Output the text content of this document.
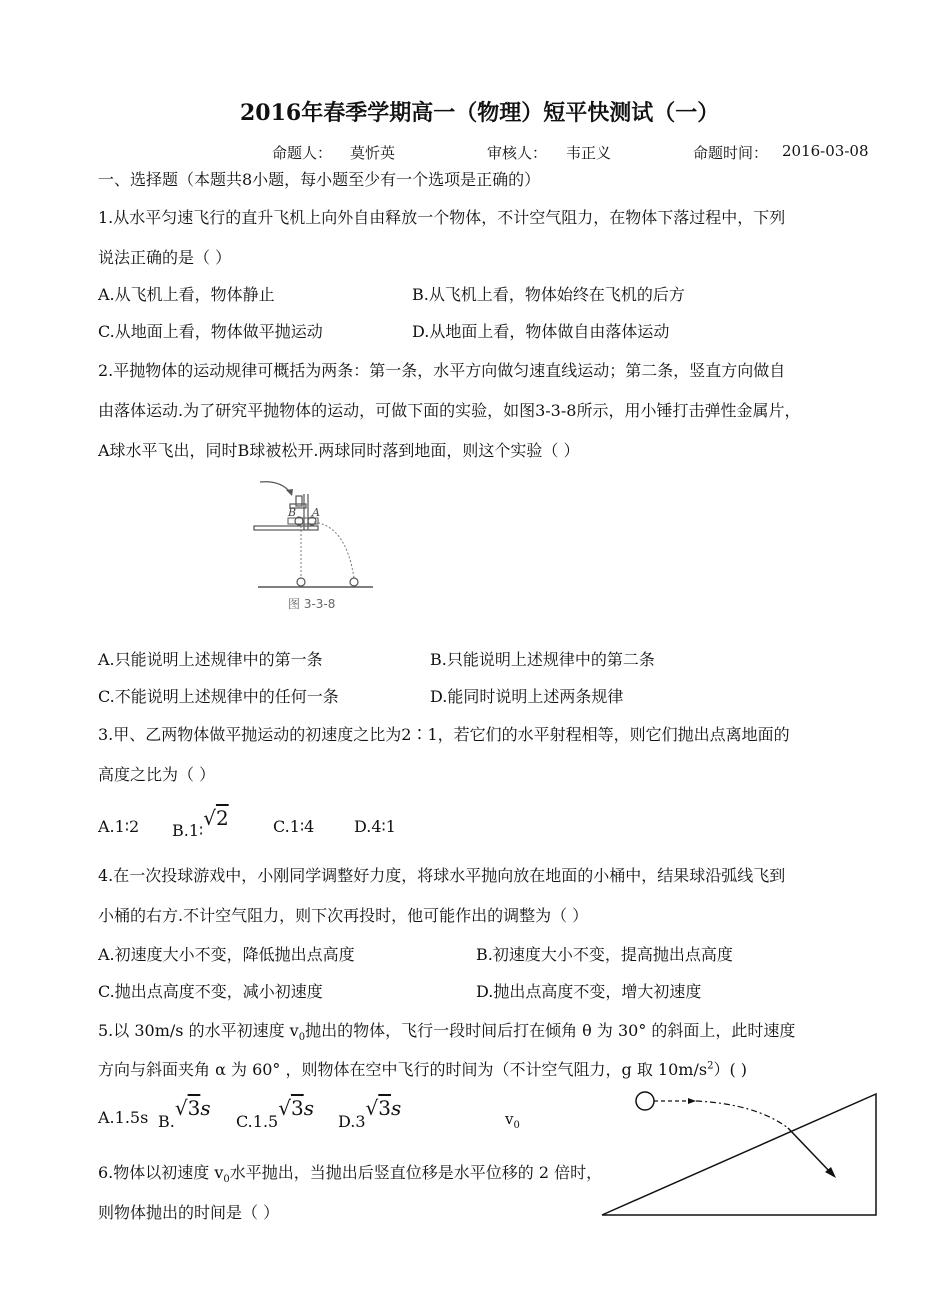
2016年春季学期高一（物理）短平快测试（一）
命题人： 莫忻英	审核人： 韦正义	命题时间： 2016-03-08
一、选择题（本题共8小题，每小题至少有一个选项是正确的）
1.从水平匀速飞行的直升飞机上向外自由释放一个物体，不计空气阻力，在物体下落过程中，下列
说法正确的是（ ）
A.从飞机上看，物体静止	B.从飞机上看，物体始终在飞机的后方
C.从地面上看，物体做平抛运动	D.从地面上看，物体做自由落体运动
2.平抛物体的运动规律可概括为两条：第一条，水平方向做匀速直线运动；第二条，竖直方向做自
由落体运动.为了研究平抛物体的运动，可做下面的实验，如图3-3-8所示，用小锤打击弹性金属片，
A球水平飞出，同时B球被松开.两球同时落到地面，则这个实验（ ）
B A
图 3-3-8
A.只能说明上述规律中的第一条	B.只能说明上述规律中的第二条
C.不能说明上述规律中的任何一条	D.能同时说明上述两条规律
3.甲、乙两物体做平抛运动的初速度之比为2∶1，若它们的水平射程相等，则它们抛出点离地面的
高度之比为（ ）
A.1∶2 B.1∶√2	C.1∶4 D.4∶1
4.在一次投球游戏中，小刚同学调整好力度，将球水平抛向放在地面的小桶中，结果球沿弧线飞到
小桶的右方.不计空气阻力，则下次再投时，他可能作出的调整为（ ）
A.初速度大小不变，降低抛出点高度	B.初速度大小不变，提高抛出点高度
C.抛出点高度不变，减小初速度	D.抛出点高度不变，增大初速度
5.以 30m/s 的水平初速度 $v_0$抛出的物体，飞行一段时间后打在倾角 θ 为 30° 的斜面上，此时速度
方向与斜面夹角 α 为 60° ，则物体在空中飞行的时间为（不计空气阻力，g 取 $10m/s^2$）( )
A.1.5s B.√3s
C.1.5√3s
D.3√3s	$v_0$
6.物体以初速度 $v_0$水平抛出，当抛出后竖直位移是水平位移的 2 倍时，
则物体抛出的时间是（ ）
